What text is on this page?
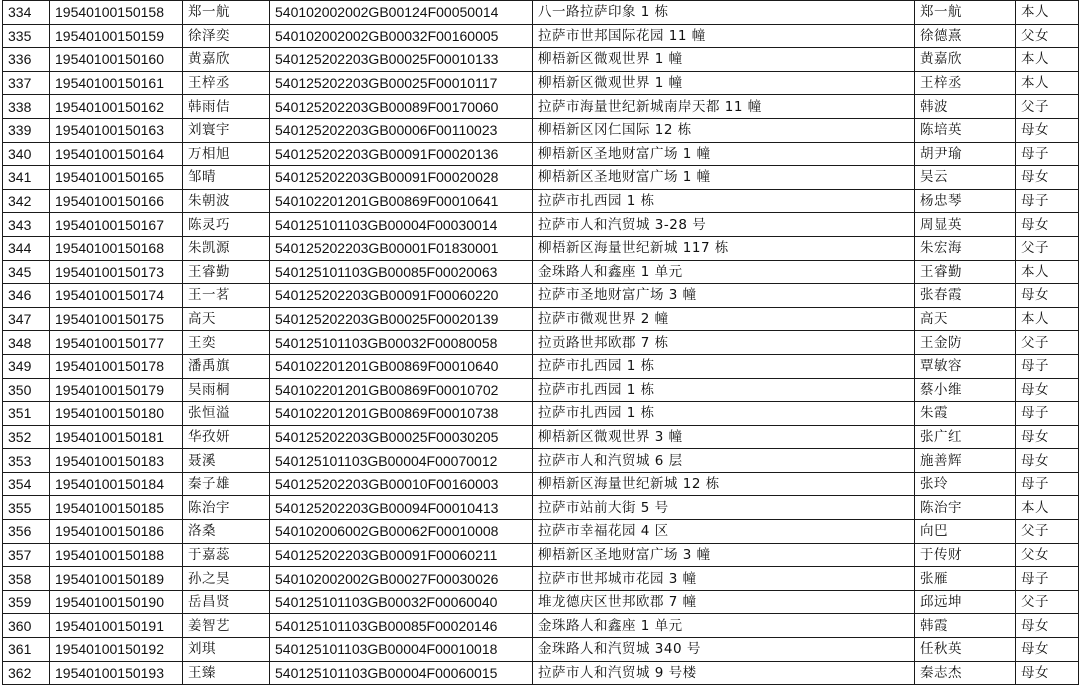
334	19540100150158	郑一航	540102002002GB00124F00050014	八一路拉萨印象 1 栋	郑一航	本人
335	19540100150159	徐泽奕	540102002002GB00032F00160005	拉萨市世邦国际花园 11 幢	徐德熹	父女
336	19540100150160	黄嘉欣	540125202203GB00025F00010133	柳梧新区微观世界 1 幢	黄嘉欣	本人
337	19540100150161	王梓丞	540125202203GB00025F00010117	柳梧新区微观世界 1 幢	王梓丞	本人
338	19540100150162	韩雨佶	540125202203GB00089F00170060	拉萨市海量世纪新城南岸天都 11 幢	韩波	父子
339	19540100150163	刘寰宇	540125202203GB00006F00110023	柳梧新区冈仁国际 12 栋	陈培英	母女
340	19540100150164	万相旭	540125202203GB00091F00020136	柳梧新区圣地财富广场 1 幢	胡尹瑜	母子
341	19540100150165	邹晴	540125202203GB00091F00020028	柳梧新区圣地财富广场 1 幢	吴云	母女
342	19540100150166	朱朝波	540102201201GB00869F00010641	拉萨市扎西园 1 栋	杨忠琴	母子
343	19540100150167	陈灵巧	540125101103GB00004F00030014	拉萨市人和汽贸城 3-28 号	周显英	母女
344	19540100150168	朱凯源	540125202203GB00001F01830001	柳梧新区海量世纪新城 117 栋	朱宏海	父子
345	19540100150173	王睿勤	540125101103GB00085F00020063	金珠路人和鑫座 1 单元	王睿勤	本人
346	19540100150174	王一茗	540125202203GB00091F00060220	拉萨市圣地财富广场 3 幢	张春霞	母女
347	19540100150175	高天	540125202203GB00025F00020139	拉萨市微观世界 2 幢	高天	本人
348	19540100150177	王奕	540125101103GB00032F00080058	拉贡路世邦欧郡 7 栋	王金防	父子
349	19540100150178	潘禹旗	540102201201GB00869F00010640	拉萨市扎西园 1 栋	覃敏容	母子
350	19540100150179	吴雨桐	540102201201GB00869F00010702	拉萨市扎西园 1 栋	蔡小维	母女
351	19540100150180	张恒溢	540102201201GB00869F00010738	拉萨市扎西园 1 栋	朱霞	母子
352	19540100150181	华孜妍	540125202203GB00025F00030205	柳梧新区微观世界 3 幢	张广红	母女
353	19540100150183	聂溪	540125101103GB00004F00070012	拉萨市人和汽贸城 6 层	施善辉	母女
354	19540100150184	秦子雄	540125202203GB00010F00160003	柳梧新区海量世纪新城 12 栋	张玲	母子
355	19540100150185	陈治宇	540125202203GB00094F00010413	拉萨市站前大街 5 号	陈治宇	本人
356	19540100150186	洛桑	540102006002GB00062F00010008	拉萨市幸福花园 4 区	向巴	父子
357	19540100150188	于嘉蕊	540125202203GB00091F00060211	柳梧新区圣地财富广场 3 幢	于传财	父女
358	19540100150189	孙之昊	540102002002GB00027F00030026	拉萨市世邦城市花园 3 幢	张雁	母子
359	19540100150190	岳昌贤	540125101103GB00032F00060040	堆龙德庆区世邦欧郡 7 幢	邱远坤	父子
360	19540100150191	姜智艺	540125101103GB00085F00020146	金珠路人和鑫座 1 单元	韩霞	母女
361	19540100150192	刘琪	540125101103GB00004F00010018	金珠路人和汽贸城 340 号	任秋英	母女
362	19540100150193	王臻	540125101103GB00004F00060015	拉萨市人和汽贸城 9 号楼	秦志杰	母女
